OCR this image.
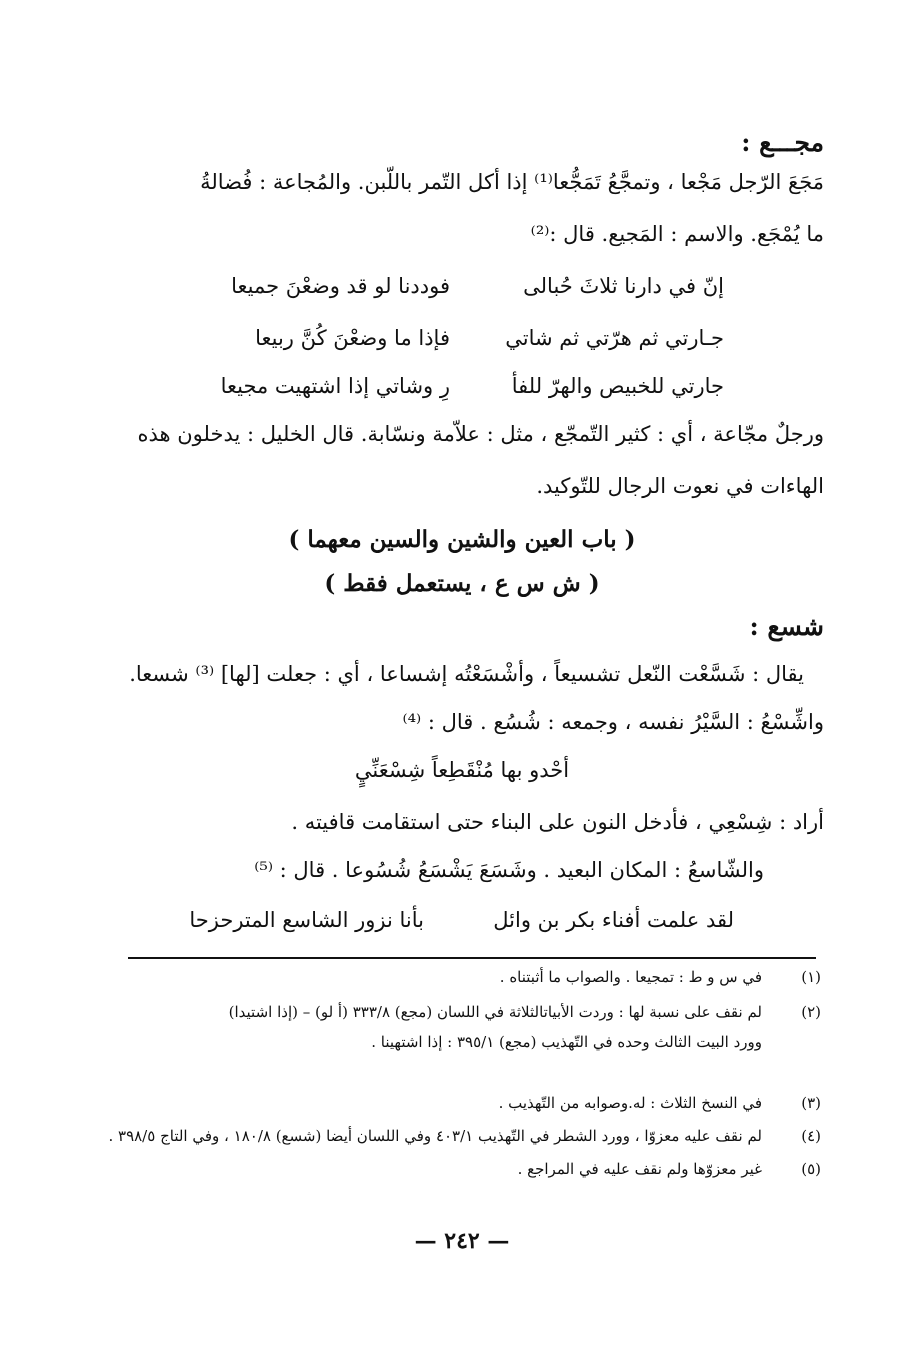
مجـــع :
مَجَعَ الرّجل مَجْعا ، وتمجَّعُ تَمَجُّعا⁽¹⁾ إذا أكل التّمر باللّبن. والمُجاعة : فُضالةُ
ما يُمْجَع. والاسم : المَجيع. قال :⁽²⁾
إنّ في دارنا ثلاثَ حُبالى
فوددنا لو قد وضعْنَ جميعا
جـارتي ثم هرّتي ثم شاتي
فإذا ما وضعْنَ كُنَّ ربيعا
جارتي للخبيص والهرّ للفأ
رِ وشاتي إذا اشتهيت مجيعا
ورجلٌ مجّاعة ، أي : كثير التّمجّع ، مثل : علاّمة ونسّابة. قال الخليل : يدخلون هذه
الهاءات في نعوت الرجال للتّوكيد.
( باب العين والشين والسين معهما )
( ش س ع ، يستعمل فقط )
شسع :
يقال : شَسَّعْت النّعل تشسيعاً ، وأشْسَعْتُه إشساعا ، أي : جعلت [لها] ⁽³⁾ شسعا.
واشِّسْعُ : السَّيْرُ نفسه ، وجمعه : شُسُع . قال : ⁽⁴⁾
أحْدو بها مُنْقَطِعاً شِسْعَنِّيٍ
أراد : شِسْعِي ، فأدخل النون على البناء حتى استقامت قافيته .
والشّاسعُ : المكان البعيد . وشَسَعَ يَشْسَعُ شُسُوعا . قال : ⁽⁵⁾
لقد علمت أفناء بكر بن وائل
بأنا نزور الشاسع المترحزحا
(١)
في س و ط : تمجيعا . والصواب ما أثبتناه .
(٢)
لم نقف على نسبة لها : وردت الأبياتالثلاثة في اللسان (مجع) ٣٣٣/٨ (أ لو) – (إذا اشتيدا)
وورد البيت الثالث وحده في التّهذيب (مجع) ٣٩٥/١ : إذا اشتهينا .
(٣)
في النسخ الثلاث : له.وصوابه من التّهذيب .
(٤)
لم نقف عليه معزوّا ، وورد الشطر في التّهذيب ٤٠٣/١ وفي اللسان أيضا (شسع) ١٨٠/٨ ، وفي التاج ٣٩٨/٥ .
(٥)
غير معزوّها ولم نقف عليه في المراجع .
— ٢٤٢ —
